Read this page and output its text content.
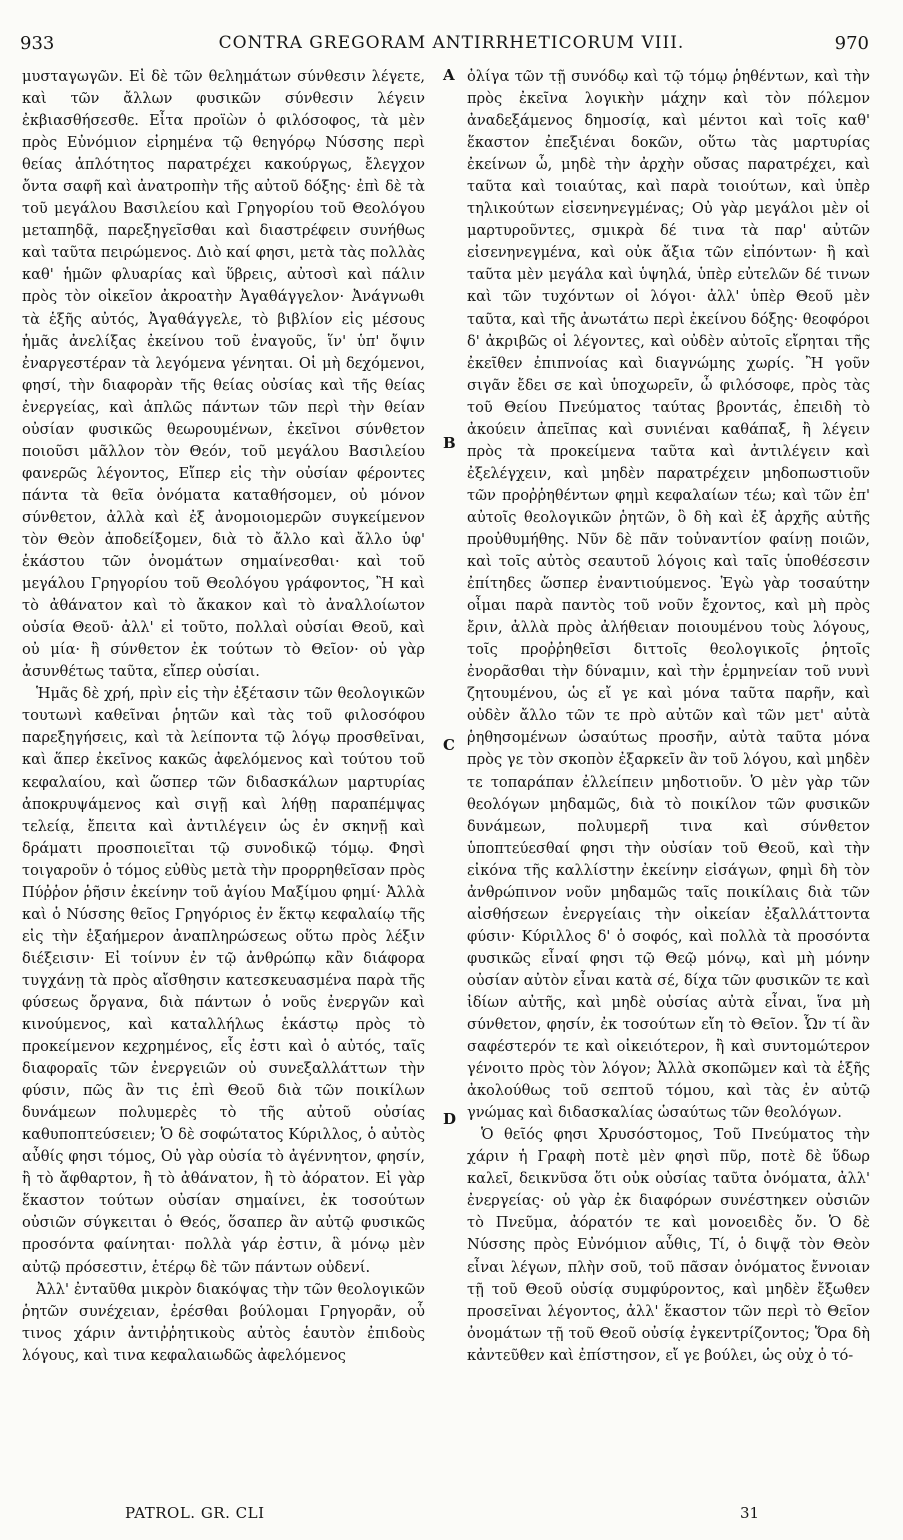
933	CONTRA GREGORAM ANTIRRHETICORUM VIII.	970

μυσταγωγῶν. Εἰ δὲ τῶν θελημάτων σύνθεσιν λέγετε, καὶ τῶν ἄλλων φυσικῶν σύνθεσιν λέγειν ἐκβιασθήσεσθε. Εἶτα προϊὼν ὁ φιλόσοφος, τὰ μὲν πρὸς Εὐνόμιον εἰρημένα τῷ θεηγόρῳ Νύσσης περὶ θείας ἁπλότητος παρατρέχει κακούργως, ἔλεγχον ὄντα σαφῆ καὶ ἀνατροπὴν τῆς αὐτοῦ δόξης· ἐπὶ δὲ τὰ τοῦ μεγάλου Βασιλείου καὶ Γρηγορίου τοῦ Θεολόγου μεταπηδᾷ, παρεξηγεῖσθαι καὶ διαστρέφειν συνήθως καὶ ταῦτα πειρώμενος. Διὸ καί φησι, μετὰ τὰς πολλὰς καθ' ἡμῶν φλυαρίας καὶ ὕβρεις, αὐτοσὶ καὶ πάλιν πρὸς τὸν οἰκεῖον ἀκροατὴν Ἀγαθάγγελον· Ἀνάγνωθι τὰ ἑξῆς αὐτός, Ἀγαθάγγελε, τὸ βιβλίον εἰς μέσους ἡμᾶς ἀνελίξας ἐκείνου τοῦ ἐναγοῦς, ἵν' ὑπ' ὄψιν ἐναργεστέραν τὰ λεγόμενα γένηται. Οἱ μὴ δεχόμενοι, φησί, τὴν διαφορὰν τῆς θείας οὐσίας καὶ τῆς θείας ἐνεργείας, καὶ ἁπλῶς πάντων τῶν περὶ τὴν θείαν οὐσίαν φυσικῶς θεωρουμένων, ἐκεῖνοι σύνθετον ποιοῦσι μᾶλλον τὸν Θεόν, τοῦ μεγάλου Βασιλείου φανερῶς λέγοντος, Εἴπερ εἰς τὴν οὐσίαν φέροντες πάντα τὰ θεῖα ὀνόματα καταθήσομεν, οὐ μόνον σύνθετον, ἀλλὰ καὶ ἐξ ἀνομοιομερῶν συγκείμενον τὸν Θεὸν ἀποδείξομεν, διὰ τὸ ἄλλο καὶ ἄλλο ὑφ' ἑκάστου τῶν ὀνομάτων σημαίνεσθαι· καὶ τοῦ μεγάλου Γρηγορίου τοῦ Θεολόγου γράφοντος, Ἢ καὶ τὸ ἀθάνατον καὶ τὸ ἄκακον καὶ τὸ ἀναλλοίωτον οὐσία Θεοῦ· ἀλλ' εἰ τοῦτο, πολλαὶ οὐσίαι Θεοῦ, καὶ οὐ μία· ἢ σύνθετον ἐκ τούτων τὸ Θεῖον· οὐ γὰρ ἀσυνθέτως ταῦτα, εἴπερ οὐσίαι.

Ἡμᾶς δὲ χρή, πρὶν εἰς τὴν ἐξέτασιν τῶν θεολογικῶν τουτωνὶ καθεῖναι ῥητῶν καὶ τὰς τοῦ φιλοσόφου παρεξηγήσεις, καὶ τὰ λείποντα τῷ λόγῳ προσθεῖναι, καὶ ἅπερ ἐκεῖνος κακῶς ἀφελόμενος καὶ τούτου τοῦ κεφαλαίου, καὶ ὥσπερ τῶν διδασκάλων μαρτυρίας ἀποκρυψάμενος καὶ σιγῇ καὶ λήθῃ παραπέμψας τελείᾳ, ἔπειτα καὶ ἀντιλέγειν ὡς ἐν σκηνῇ καὶ δράματι προσποιεῖται τῷ συνοδικῷ τόμῳ. Φησὶ τοιγαροῦν ὁ τόμος εὐθὺς μετὰ τὴν προρρηθεῖσαν πρὸς Πύῤῥον ῥῆσιν ἐκείνην τοῦ ἁγίου Μαξίμου φημί· Ἀλλὰ καὶ ὁ Νύσσης θεῖος Γρηγόριος ἐν ἕκτῳ κεφαλαίῳ τῆς εἰς τὴν ἑξαήμερον ἀναπληρώσεως οὕτω πρὸς λέξιν διέξεισιν· Εἰ τοίνυν ἐν τῷ ἀνθρώπῳ κἂν διάφορα τυγχάνῃ τὰ πρὸς αἴσθησιν κατεσκευασμένα παρὰ τῆς φύσεως ὄργανα, διὰ πάντων ὁ νοῦς ἐνεργῶν καὶ κινούμενος, καὶ καταλλήλως ἑκάστῳ πρὸς τὸ προκείμενον κεχρημένος, εἷς ἐστι καὶ ὁ αὐτός, ταῖς διαφοραῖς τῶν ἐνεργειῶν οὐ συνεξαλλάττων τὴν φύσιν, πῶς ἂν τις ἐπὶ Θεοῦ διὰ τῶν ποικίλων δυνάμεων πολυμερὲς τὸ τῆς αὐτοῦ οὐσίας καθυποπτεύσειεν; Ὁ δὲ σοφώτατος Κύριλλος, ὁ αὐτὸς αὖθίς φησι τόμος, Οὐ γὰρ οὐσία τὸ ἀγέννητον, φησίν, ἢ τὸ ἄφθαρτον, ἢ τὸ ἀθάνατον, ἢ τὸ ἀόρατον. Εἰ γὰρ ἕκαστον τούτων οὐσίαν σημαίνει, ἐκ τοσούτων οὐσιῶν σύγκειται ὁ Θεός, ὅσαπερ ἂν αὐτῷ φυσικῶς προσόντα φαίνηται· πολλὰ γάρ ἐστιν, ἃ μόνῳ μὲν αὐτῷ πρόσεστιν, ἑτέρῳ δὲ τῶν πάντων οὐδενί.

Ἀλλ' ἐνταῦθα μικρὸν διακόψας τὴν τῶν θεολογικῶν ῥητῶν συνέχειαν, ἐρέσθαι βούλομαι Γρηγορᾶν, οὗ τινος χάριν ἀντιῤῥητικοὺς αὐτὸς ἑαυτὸν ἐπιδοὺς λόγους, καὶ τινα κεφαλαιωδῶς ἀφελόμενος

A
B
C
D

ὀλίγα τῶν τῇ συνόδῳ καὶ τῷ τόμῳ ῥηθέντων, καὶ τὴν πρὸς ἐκεῖνα λογικὴν μάχην καὶ τὸν πόλεμον ἀναδεξάμενος δημοσίᾳ, καὶ μέντοι καὶ τοῖς καθ' ἕκαστον ἐπεξιέναι δοκῶν, οὕτω τὰς μαρτυρίας ἐκείνων ὧ, μηδὲ τὴν ἀρχὴν οὔσας παρατρέχει, καὶ ταῦτα καὶ τοιαύτας, καὶ παρὰ τοιούτων, καὶ ὑπὲρ τηλικούτων εἰσενηνεγμένας; Οὐ γὰρ μεγάλοι μὲν οἱ μαρτυροῦντες, σμικρὰ δέ τινα τὰ παρ' αὐτῶν εἰσενηνεγμένα, καὶ οὐκ ἄξια τῶν εἰπόντων· ἢ καὶ ταῦτα μὲν μεγάλα καὶ ὑψηλά, ὑπὲρ εὐτελῶν δέ τινων καὶ τῶν τυχόντων οἱ λόγοι· ἀλλ' ὑπὲρ Θεοῦ μὲν ταῦτα, καὶ τῆς ἀνωτάτω περὶ ἐκείνου δόξης· θεοφόροι δ' ἀκριβῶς οἱ λέγοντες, καὶ οὐδὲν αὐτοῖς εἴρηται τῆς ἐκεῖθεν ἐπιπνοίας καὶ διαγνώμης χωρίς. Ἢ γοῦν σιγᾶν ἔδει σε καὶ ὑποχωρεῖν, ὦ φιλόσοφε, πρὸς τὰς τοῦ Θείου Πνεύματος ταύτας βροντάς, ἐπειδὴ τὸ ἀκούειν ἀπεῖπας καὶ συνιέναι καθάπαξ, ἢ λέγειν πρὸς τὰ προκείμενα ταῦτα καὶ ἀντιλέγειν καὶ ἐξελέγχειν, καὶ μηδὲν παρατρέχειν μηδοπωστιοῦν τῶν προῤῥηθέντων φημὶ κεφαλαίων τέω; καὶ τῶν ἐπ' αὐτοῖς θεολογικῶν ῥητῶν, ὃ δὴ καὶ ἐξ ἀρχῆς αὐτῆς προὐθυμήθης. Νῦν δὲ πᾶν τοὐναντίον φαίνῃ ποιῶν, καὶ τοῖς αὐτὸς σεαυτοῦ λόγοις καὶ ταῖς ὑποθέσεσιν ἐπίτηδες ὥσπερ ἐναντιούμενος. Ἐγὼ γὰρ τοσαύτην οἶμαι παρὰ παντὸς τοῦ νοῦν ἔχοντος, καὶ μὴ πρὸς ἔριν, ἀλλὰ πρὸς ἀλήθειαν ποιουμένου τοὺς λόγους, τοῖς προῤῥηθεῖσι διττοῖς θεολογικοῖς ῥητοῖς ἐνορᾶσθαι τὴν δύναμιν, καὶ τὴν ἑρμηνείαν τοῦ νυνὶ ζητουμένου, ὡς εἴ γε καὶ μόνα ταῦτα παρῆν, καὶ οὐδὲν ἄλλο τῶν τε πρὸ αὐτῶν καὶ τῶν μετ' αὐτὰ ῥηθησομένων ὡσαύτως προσῆν, αὐτὰ ταῦτα μόνα πρὸς γε τὸν σκοπὸν ἐξαρκεῖν ἂν τοῦ λόγου, καὶ μηδὲν τε τοπαράπαν ἐλλείπειν μηδοτιοῦν. Ὁ μὲν γὰρ τῶν θεολόγων μηδαμῶς, διὰ τὸ ποικίλον τῶν φυσικῶν δυνάμεων, πολυμερῆ τινα καὶ σύνθετον ὑποπτεύεσθαί φησι τὴν οὐσίαν τοῦ Θεοῦ, καὶ τὴν εἰκόνα τῆς καλλίστην ἐκείνην εἰσάγων, φημὶ δὴ τὸν ἀνθρώπινον νοῦν μηδαμῶς ταῖς ποικίλαις διὰ τῶν αἰσθήσεων ἐνεργείαις τὴν οἰκείαν ἐξαλλάττοντα φύσιν· Κύριλλος δ' ὁ σοφός, καὶ πολλὰ τὰ προσόντα φυσικῶς εἶναί φησι τῷ Θεῷ μόνῳ, καὶ μὴ μόνην οὐσίαν αὐτὸν εἶναι κατὰ σέ, δίχα τῶν φυσικῶν τε καὶ ἰδίων αὐτῆς, καὶ μηδὲ οὐσίας αὐτὰ εἶναι, ἵνα μὴ σύνθετον, φησίν, ἐκ τοσούτων εἴη τὸ Θεῖον. Ὧν τί ἂν σαφέστερόν τε καὶ οἰκειότερον, ἢ καὶ συντομώτερον γένοιτο πρὸς τὸν λόγον; Ἀλλὰ σκοπῶμεν καὶ τὰ ἑξῆς ἀκολούθως τοῦ σεπτοῦ τόμου, καὶ τὰς ἐν αὐτῷ γνώμας καὶ διδασκαλίας ὡσαύτως τῶν θεολόγων.

Ὁ θεῖός φησι Χρυσόστομος, Τοῦ Πνεύματος τὴν χάριν ἡ Γραφὴ ποτὲ μὲν φησὶ πῦρ, ποτὲ δὲ ὕδωρ καλεῖ, δεικνῦσα ὅτι οὐκ οὐσίας ταῦτα ὀνόματα, ἀλλ' ἐνεργείας· οὐ γὰρ ἐκ διαφόρων συνέστηκεν οὐσιῶν τὸ Πνεῦμα, ἀόρατόν τε καὶ μονοειδὲς ὄν. Ὁ δὲ Νύσσης πρὸς Εὐνόμιον αὖθις, Τί, ὁ διψᾷ τὸν Θεὸν εἶναι λέγων, πλὴν σοῦ, τοῦ πᾶσαν ὀνόματος ἔννοιαν τῇ τοῦ Θεοῦ οὐσίᾳ συμφύροντος, καὶ μηδὲν ἔξωθεν προσεῖναι λέγοντος, ἀλλ' ἕκαστον τῶν περὶ τὸ Θεῖον ὀνομάτων τῇ τοῦ Θεοῦ οὐσίᾳ ἐγκεντρίζοντος; Ὅρα δὴ κἀντεῦθεν καὶ ἐπίστησον, εἴ γε βούλει, ὡς οὐχ ὁ τό-

PATROL. GR. CLI	31
